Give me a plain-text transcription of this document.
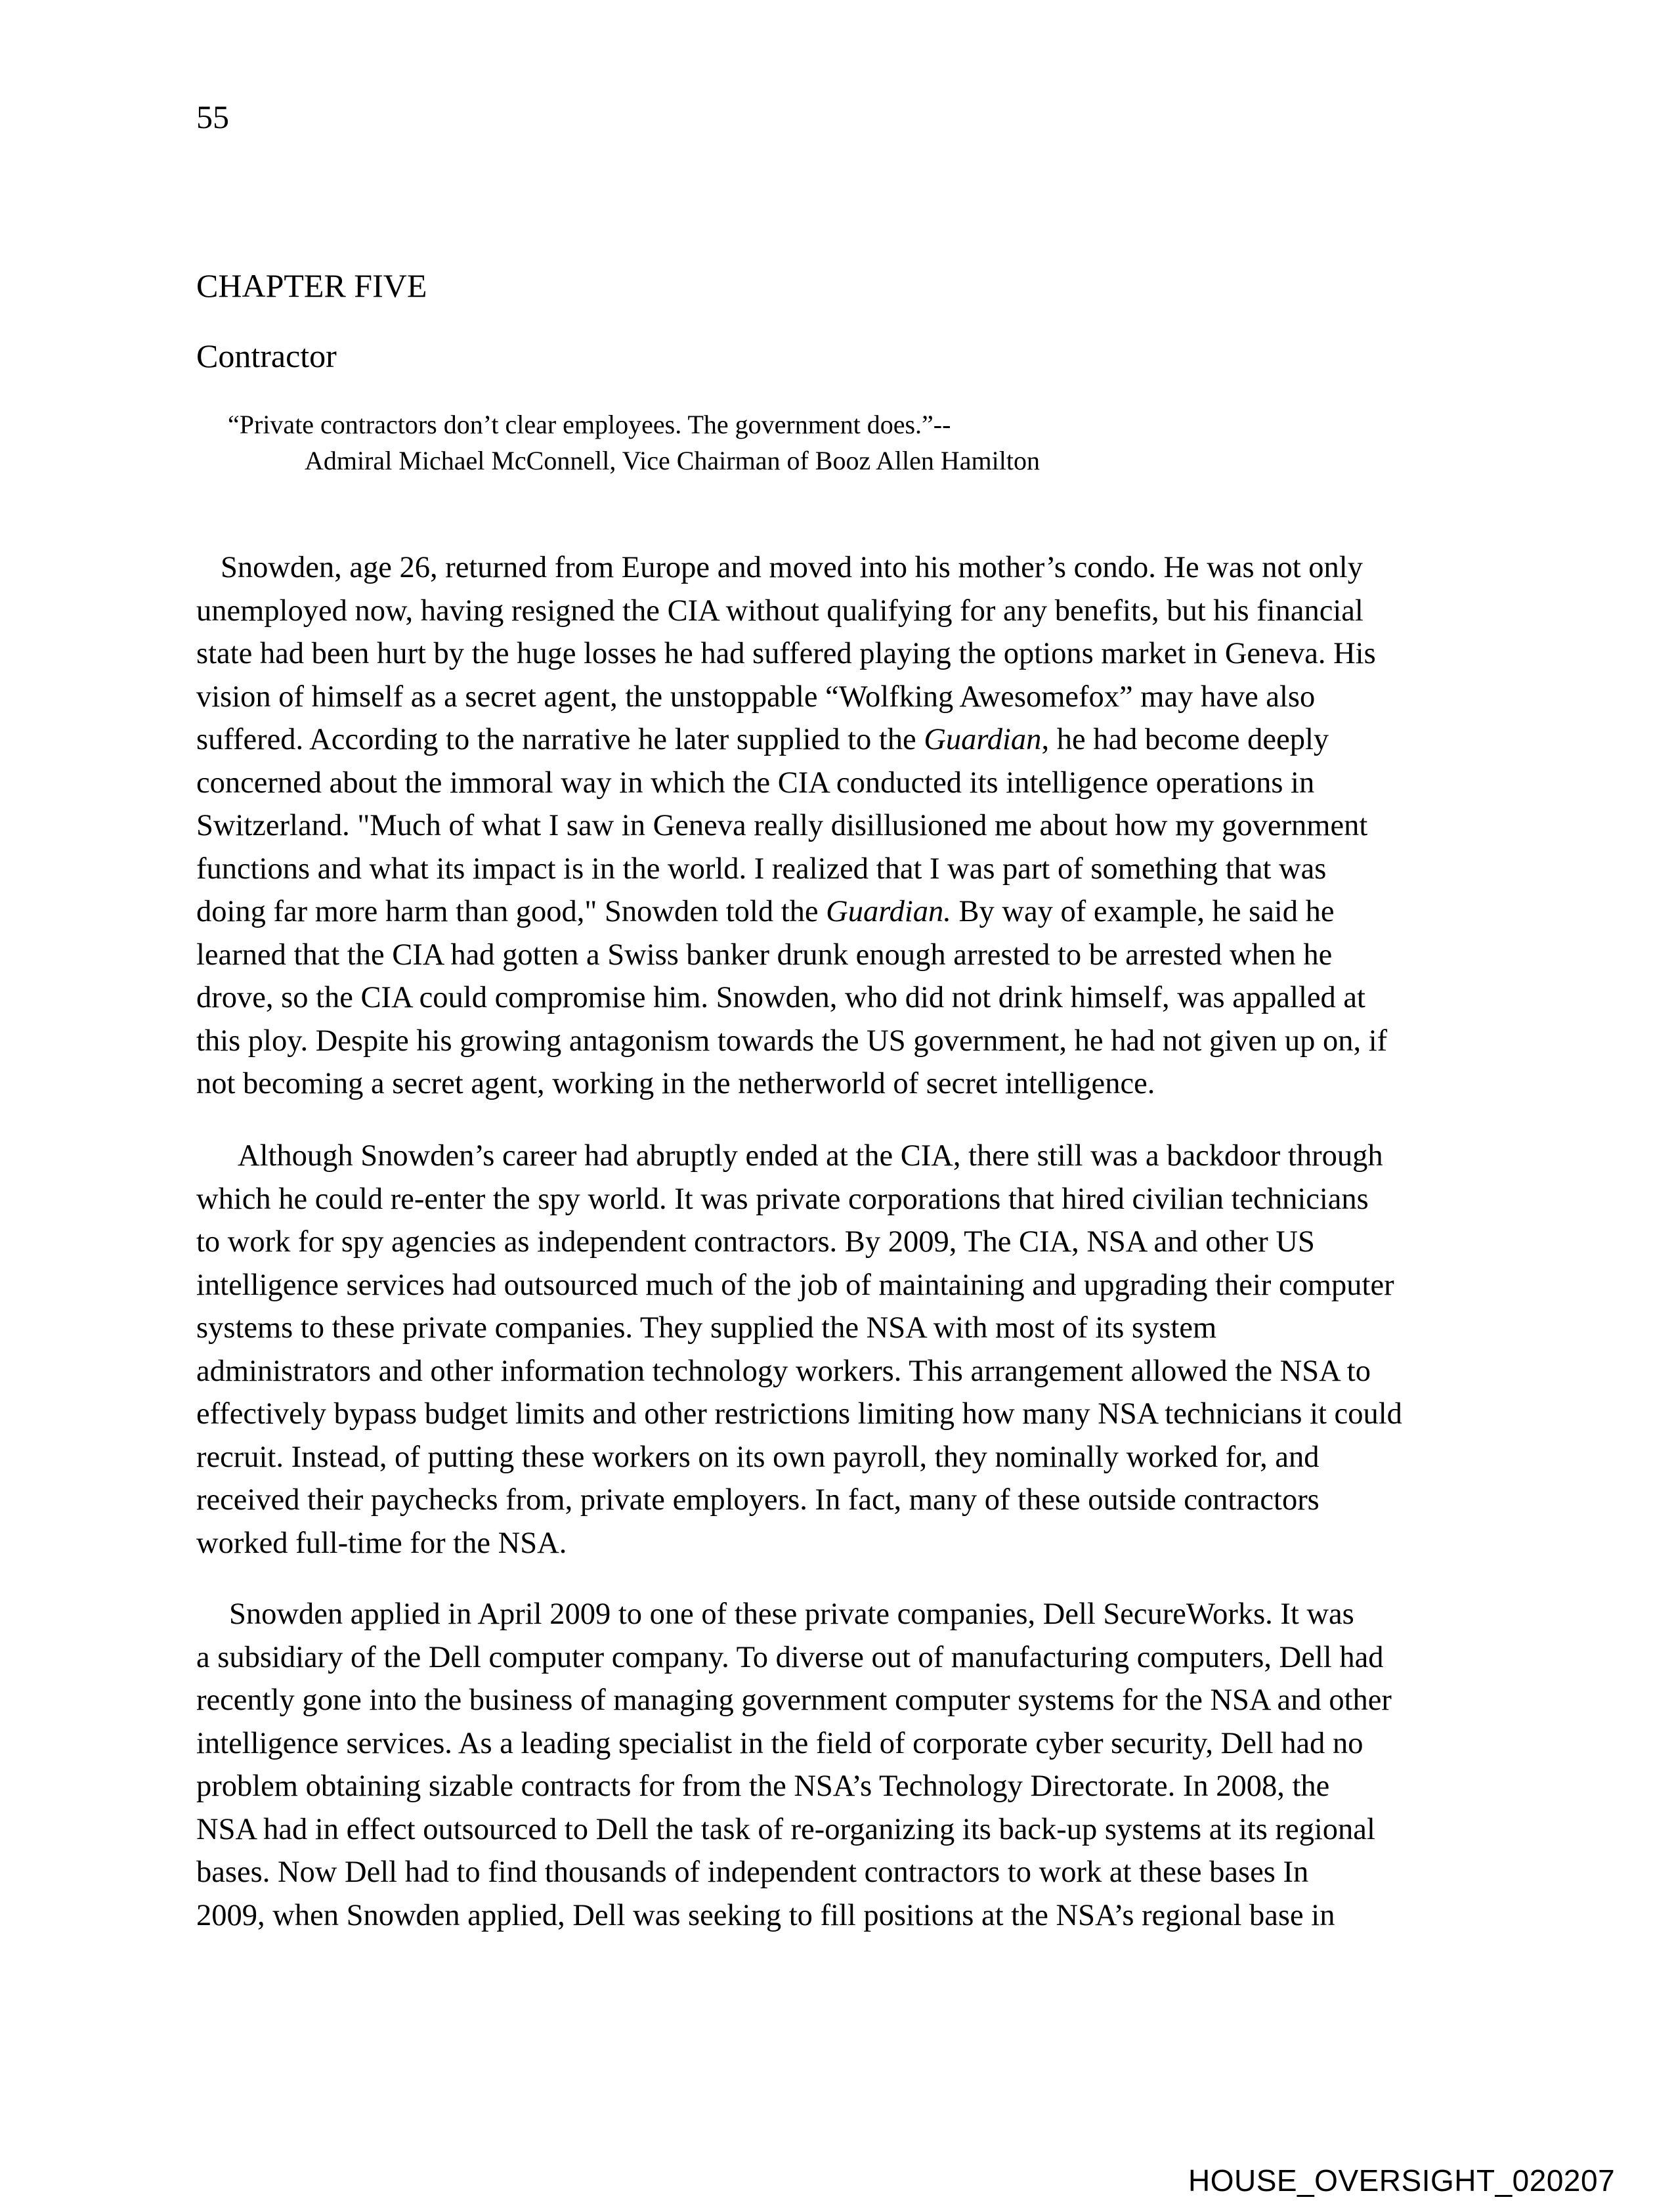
55
CHAPTER FIVE
Contractor
“Private contractors don’t clear employees. The government does.”--
Admiral Michael McConnell, Vice Chairman of Booz Allen Hamilton
Snowden, age 26, returned from Europe and moved into his mother’s condo. He was not only
unemployed now, having resigned the CIA without qualifying for any benefits, but his financial
state had been hurt by the huge losses he had suffered playing the options market in Geneva. His
vision of himself as a secret agent, the unstoppable “Wolfking Awesomefox” may have also
suffered. According to the narrative he later supplied to the Guardian, he had become deeply
concerned about the immoral way in which the CIA conducted its intelligence operations in
Switzerland. "Much of what I saw in Geneva really disillusioned me about how my government
functions and what its impact is in the world. I realized that I was part of something that was
doing far more harm than good," Snowden told the Guardian. By way of example, he said he
learned that the CIA had gotten a Swiss banker drunk enough arrested to be arrested when he
drove, so the CIA could compromise him. Snowden, who did not drink himself, was appalled at
this ploy. Despite his growing antagonism towards the US government, he had not given up on, if
not becoming a secret agent, working in the netherworld of secret intelligence.
Although Snowden’s career had abruptly ended at the CIA, there still was a backdoor through
which he could re-enter the spy world. It was private corporations that hired civilian technicians
to work for spy agencies as independent contractors. By 2009, The CIA, NSA and other US
intelligence services had outsourced much of the job of maintaining and upgrading their computer
systems to these private companies. They supplied the NSA with most of its system
administrators and other information technology workers. This arrangement allowed the NSA to
effectively bypass budget limits and other restrictions limiting how many NSA technicians it could
recruit. Instead, of putting these workers on its own payroll, they nominally worked for, and
received their paychecks from, private employers. In fact, many of these outside contractors
worked full-time for the NSA.
Snowden applied in April 2009 to one of these private companies, Dell SecureWorks. It was
a subsidiary of the Dell computer company. To diverse out of manufacturing computers, Dell had
recently gone into the business of managing government computer systems for the NSA and other
intelligence services. As a leading specialist in the field of corporate cyber security, Dell had no
problem obtaining sizable contracts for from the NSA’s Technology Directorate. In 2008, the
NSA had in effect outsourced to Dell the task of re-organizing its back-up systems at its regional
bases. Now Dell had to find thousands of independent contractors to work at these bases In
2009, when Snowden applied, Dell was seeking to fill positions at the NSA’s regional base in
HOUSE_OVERSIGHT_020207
